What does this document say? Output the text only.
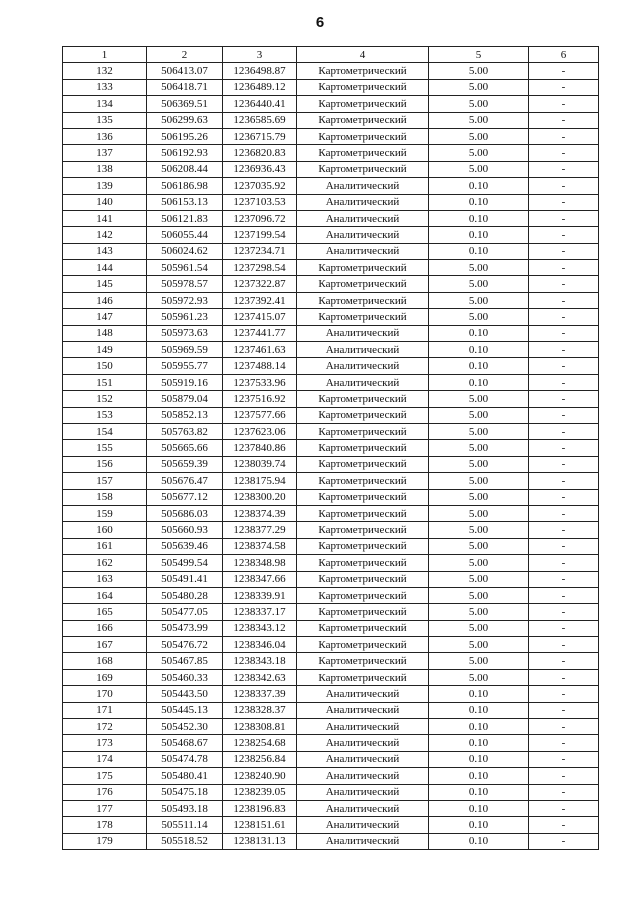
6
1	2	3	4	5	6
132	506413.07	1236498.87	Картометрический	5.00	-
133	506418.71	1236489.12	Картометрический	5.00	-
134	506369.51	1236440.41	Картометрический	5.00	-
135	506299.63	1236585.69	Картометрический	5.00	-
136	506195.26	1236715.79	Картометрический	5.00	-
137	506192.93	1236820.83	Картометрический	5.00	-
138	506208.44	1236936.43	Картометрический	5.00	-
139	506186.98	1237035.92	Аналитический	0.10	-
140	506153.13	1237103.53	Аналитический	0.10	-
141	506121.83	1237096.72	Аналитический	0.10	-
142	506055.44	1237199.54	Аналитический	0.10	-
143	506024.62	1237234.71	Аналитический	0.10	-
144	505961.54	1237298.54	Картометрический	5.00	-
145	505978.57	1237322.87	Картометрический	5.00	-
146	505972.93	1237392.41	Картометрический	5.00	-
147	505961.23	1237415.07	Картометрический	5.00	-
148	505973.63	1237441.77	Аналитический	0.10	-
149	505969.59	1237461.63	Аналитический	0.10	-
150	505955.77	1237488.14	Аналитический	0.10	-
151	505919.16	1237533.96	Аналитический	0.10	-
152	505879.04	1237516.92	Картометрический	5.00	-
153	505852.13	1237577.66	Картометрический	5.00	-
154	505763.82	1237623.06	Картометрический	5.00	-
155	505665.66	1237840.86	Картометрический	5.00	-
156	505659.39	1238039.74	Картометрический	5.00	-
157	505676.47	1238175.94	Картометрический	5.00	-
158	505677.12	1238300.20	Картометрический	5.00	-
159	505686.03	1238374.39	Картометрический	5.00	-
160	505660.93	1238377.29	Картометрический	5.00	-
161	505639.46	1238374.58	Картометрический	5.00	-
162	505499.54	1238348.98	Картометрический	5.00	-
163	505491.41	1238347.66	Картометрический	5.00	-
164	505480.28	1238339.91	Картометрический	5.00	-
165	505477.05	1238337.17	Картометрический	5.00	-
166	505473.99	1238343.12	Картометрический	5.00	-
167	505476.72	1238346.04	Картометрический	5.00	-
168	505467.85	1238343.18	Картометрический	5.00	-
169	505460.33	1238342.63	Картометрический	5.00	-
170	505443.50	1238337.39	Аналитический	0.10	-
171	505445.13	1238328.37	Аналитический	0.10	-
172	505452.30	1238308.81	Аналитический	0.10	-
173	505468.67	1238254.68	Аналитический	0.10	-
174	505474.78	1238256.84	Аналитический	0.10	-
175	505480.41	1238240.90	Аналитический	0.10	-
176	505475.18	1238239.05	Аналитический	0.10	-
177	505493.18	1238196.83	Аналитический	0.10	-
178	505511.14	1238151.61	Аналитический	0.10	-
179	505518.52	1238131.13	Аналитический	0.10	-
